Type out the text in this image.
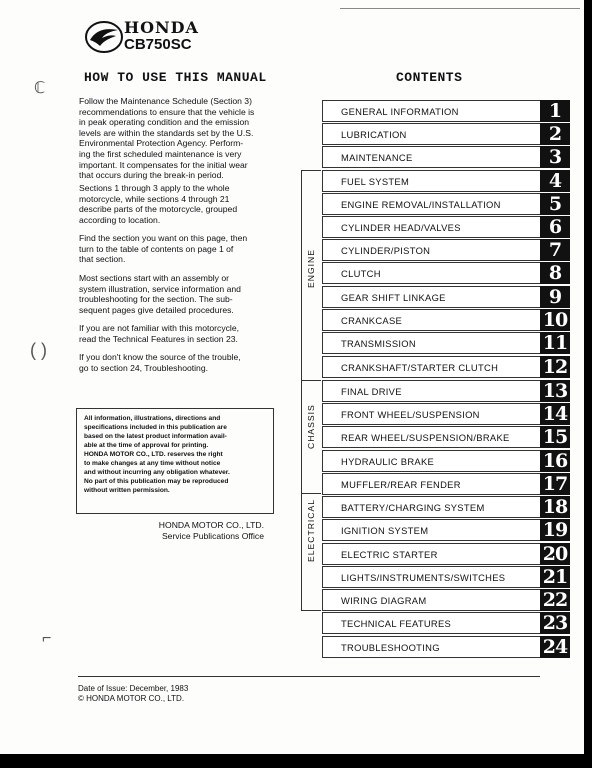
HONDA
CB750SC
HOW TO USE THIS MANUAL	CONTENTS
ℂ
( )
⌐
Follow the Maintenance Schedule (Section 3)
recommendations to ensure that the vehicle is
in peak operating condition and the emission
levels are within the standards set by the U.S.
Environmental Protection Agency. Perform-
ing the first scheduled maintenance is very
important. It compensates for the initial wear
that occurs during the break-in period.
Sections 1 through 3 apply to the whole
motorcycle, while sections 4 through 21
describe parts of the motorcycle, grouped
according to location.
Find the section you want on this page, then
turn to the table of contents on page 1 of
that section.
Most sections start with an assembly or
system illustration, service information and
troubleshooting for the section. The sub-
sequent pages give detailed procedures.
If you are not familiar with this motorcycle,
read the Technical Features in section 23.
If you don't know the source of the trouble,
go to section 24, Troubleshooting.
All information, illustrations, directions and
specifications included in this publication are
based on the latest product information avail-
able at the time of approval for printing.
HONDA MOTOR CO., LTD. reserves the right
to make changes at any time without notice
and without incurring any obligation whatever.
No part of this publication may be reproduced
without written permission.
HONDA MOTOR CO., LTD.
Service Publications Office
ENGINE
CHASSIS
GENERAL INFORMATION	1
LUBRICATION	2
MAINTENANCE	3
FUEL SYSTEM	4
ENGINE REMOVAL/INSTALLATION	5
CYLINDER HEAD/VALVES	6
CYLINDER/PISTON	7
CLUTCH	8
GEAR SHIFT LINKAGE	9
CRANKCASE	10
TRANSMISSION	11
CRANKSHAFT/STARTER CLUTCH 12
FINAL DRIVE	13
FRONT WHEEL/SUSPENSION	14
REAR WHEEL/SUSPENSION/BRAKE 15
HYDRAULIC BRAKE	16
MUFFLER/REAR FENDER	17
BATTERY/CHARGING SYSTEM	18
IGNITION SYSTEM	19
ELECTRIC STARTER	20
LIGHTS/INSTRUMENTS/SWITCHES 21
WIRING DIAGRAM	22
TECHNICAL FEATURES	23
TROUBLESHOOTING	24
Date of Issue: December, 1983
© HONDA MOTOR CO., LTD.
